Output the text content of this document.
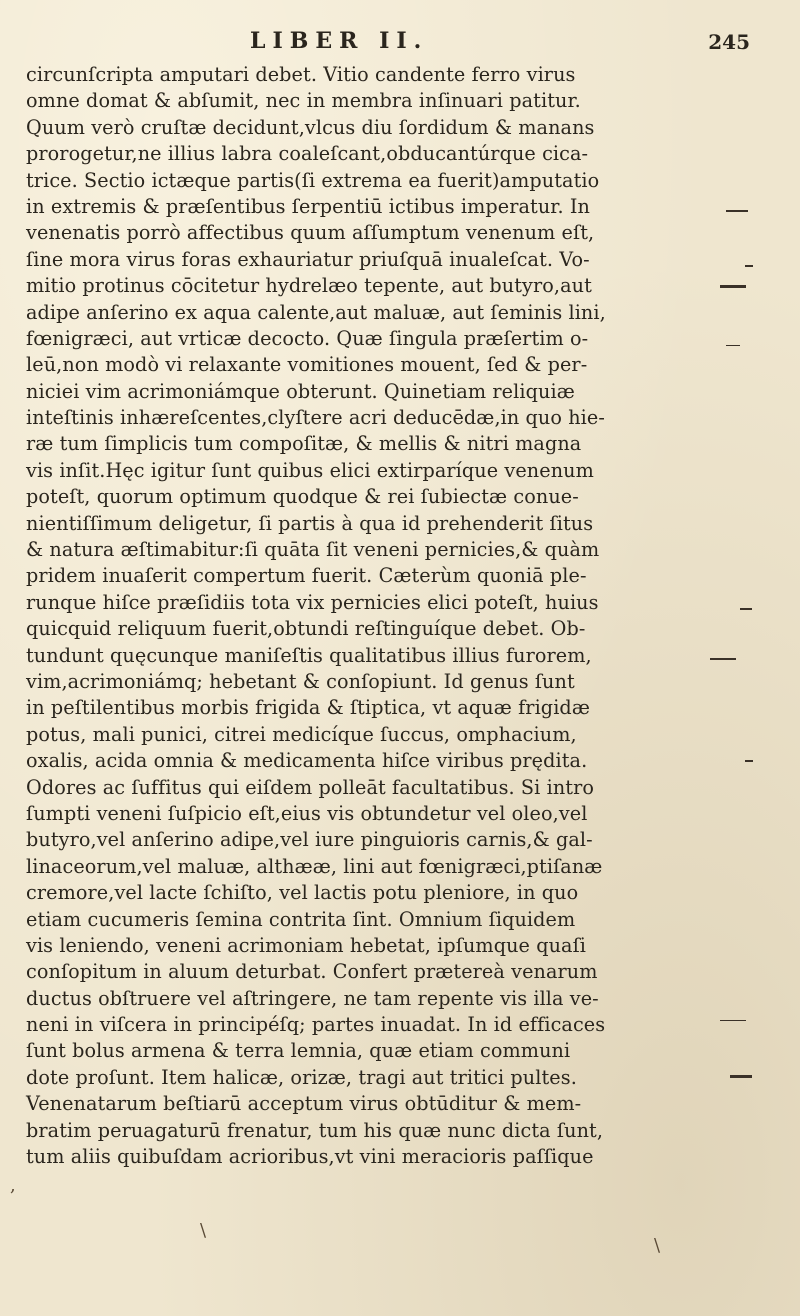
LIBER II.	245
circunſcripta amputari debet. Vitio candente ferro virus
omne domat & abſumit, nec in membra inſinuari patitur.
Quum verò cruſtæ decidunt,vlcus diu ſordidum & manans
prorogetur,ne illius labra coaleſcant,obducantúrque cica-
trice. Sectio ictæque partis(ſi extrema ea fuerit)amputatio
in extremis & præſentibus ſerpentiū ictibus imperatur. In
venenatis porrò affectibus quum aſſumptum venenum eſt,
ſine mora virus foras exhauriatur priuſquā inualeſcat. Vo-
mitio protinus cōcitetur hydrelæo tepente, aut butyro,aut
adipe anſerino ex aqua calente,aut maluæ, aut ſeminis lini,
fœnigræci, aut vrticæ decocto. Quæ ſingula præſertim o-
leū,non modò vi relaxante vomitiones mouent, ſed & per-
niciei vim acrimoniámque obterunt. Quinetiam reliquiæ
inteſtinis inhæreſcentes,clyſtere acri deducēdæ,in quo hie-
ræ tum ſimplicis tum compoſitæ, & mellis & nitri magna
vis inſit.Hęc igitur ſunt quibus elici extirparíque venenum
poteſt, quorum optimum quodque & rei ſubiectæ conue-
nientiſſimum deligetur, ſi partis à qua id prehenderit ſitus
& natura æſtimabitur:ſi quāta ſit veneni pernicies,& quàm
pridem inuaſerit compertum fuerit. Cæterùm quoniā ple-
runque hiſce præſidiis tota vix pernicies elici poteſt, huius
quicquid reliquum fuerit,obtundi reſtinguíque debet. Ob-
tundunt quęcunque maniſeſtis qualitatibus illius furorem,
vim,acrimoniámq; hebetant & conſopiunt. Id genus ſunt
in peſtilentibus morbis frigida & ſtiptica, vt aquæ frigidæ
potus, mali punici, citrei medicíque ſuccus, omphacium,
oxalis, acida omnia & medicamenta hiſce viribus prędita.
Odores ac ſuffitus qui eiſdem polleāt facultatibus. Si intro
ſumpti veneni ſuſpicio eſt,eius vis obtundetur vel oleo,vel
butyro,vel anſerino adipe,vel iure pinguioris carnis,& gal-
linaceorum,vel maluæ, althææ, lini aut fœnigræci,ptiſanæ
cremore,vel lacte ſchiſto, vel lactis potu pleniore, in quo
etiam cucumeris ſemina contrita ſint. Omnium ſiquidem
vis leniendo, veneni acrimoniam hebetat, ipſumque quaſi
conſopitum in aluum deturbat. Confert prætereà venarum
ductus obſtruere vel aſtringere, ne tam repente vis illa ve-
neni in viſcera in principéſq; partes inuadat. In id efficaces
ſunt bolus armena & terra lemnia, quæ etiam communi
dote proſunt. Item halicæ, orizæ, tragi aut tritici pultes.
Venenatarum beſtiarū acceptum virus obtūditur & mem-
bratim peruagaturū frenatur, tum his quæ nunc dicta ſunt,
tum aliis quibuſdam acrioribus,vt vini meracioris paſſique
,
\
\
